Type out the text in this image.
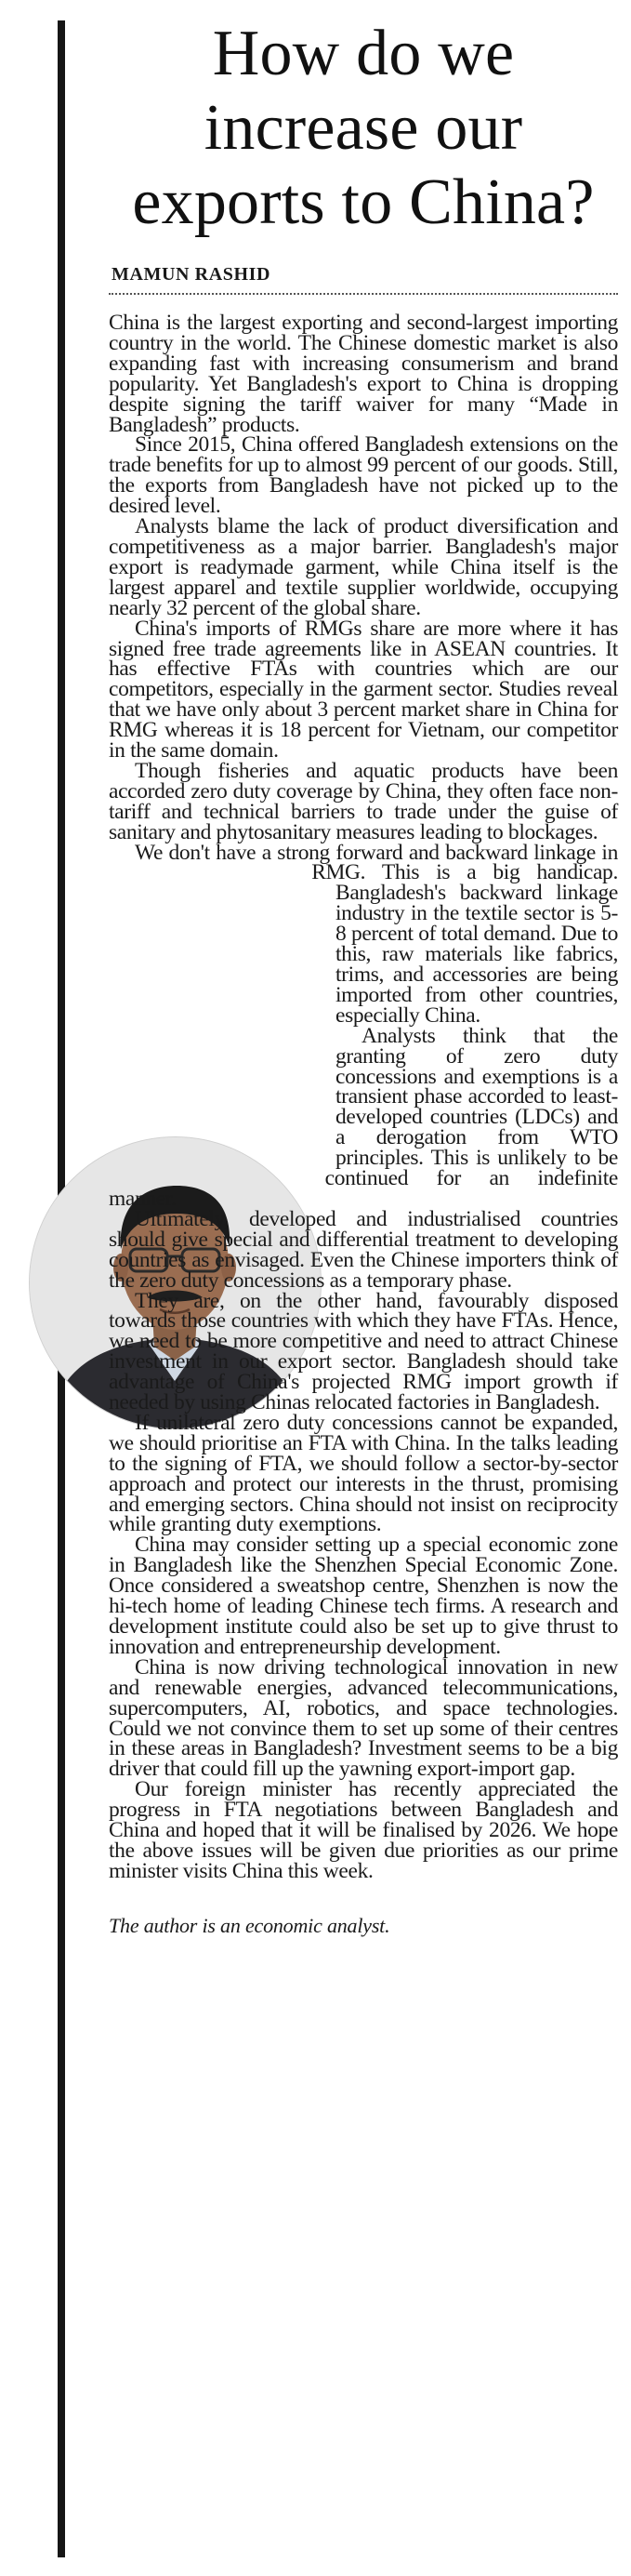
How do we increase our exports to China?
MAMUN RASHID

China is the largest exporting and second-largest importing country in the world. The Chinese domestic market is also expanding fast with increasing consumerism and brand popularity. Yet Bangladesh's export to China is dropping despite signing the tariff waiver for many “Made in Bangladesh” products.

Since 2015, China offered Bangladesh extensions on the trade benefits for up to almost 99 percent of our goods. Still, the exports from Bangladesh have not picked up to the desired level.

Analysts blame the lack of product diversification and competitiveness as a major barrier. Bangladesh's major export is readymade garment, while China itself is the largest apparel and textile supplier worldwide, occupying nearly 32 percent of the global share.

China's imports of RMGs share are more where it has signed free trade agreements like in ASEAN countries. It has effective FTAs with countries which are our competitors, especially in the garment sector. Studies reveal that we have only about 3 percent market share in China for RMG whereas it is 18 percent for Vietnam, our competitor in the same domain.

Though fisheries and aquatic products have been accorded zero duty coverage by China, they often face non-tariff and technical barriers to trade under the guise of sanitary and phytosanitary measures leading to blockages.

We don't have a strong forward and backward linkage in RMG. This is a big handicap. Bangladesh's backward linkage industry in the textile sector is 5-8 percent of total demand. Due to this, raw materials like fabrics, trims, and accessories are being imported from other countries, especially China.

Analysts think that the granting of zero duty concessions and exemptions is a transient phase accorded to least-developed countries (LDCs) and a derogation from WTO principles. This is unlikely to be continued for an indefinite manner.

Ultimately, developed and industrialised countries should give special and differential treatment to developing countries as envisaged. Even the Chinese importers think of the zero duty concessions as a temporary phase.

They are, on the other hand, favourably disposed towards those countries with which they have FTAs. Hence, we need to be more competitive and need to attract Chinese investment in our export sector. Bangladesh should take advantage of China's projected RMG import growth if needed by using Chinas relocated factories in Bangladesh.

If unilateral zero duty concessions cannot be expanded, we should prioritise an FTA with China. In the talks leading to the signing of FTA, we should follow a sector-by-sector approach and protect our interests in the thrust, promising and emerging sectors. China should not insist on reciprocity while granting duty exemptions.

China may consider setting up a special economic zone in Bangladesh like the Shenzhen Special Economic Zone. Once considered a sweatshop centre, Shenzhen is now the hi-tech home of leading Chinese tech firms. A research and development institute could also be set up to give thrust to innovation and entrepreneurship development.

China is now driving technological innovation in new and renewable energies, advanced telecommunications, supercomputers, AI, robotics, and space technologies. Could we not convince them to set up some of their centres in these areas in Bangladesh? Investment seems to be a big driver that could fill up the yawning export-import gap.

Our foreign minister has recently appreciated the progress in FTA negotiations between Bangladesh and China and hoped that it will be finalised by 2026. We hope the above issues will be given due priorities as our prime minister visits China this week.

The author is an economic analyst.
